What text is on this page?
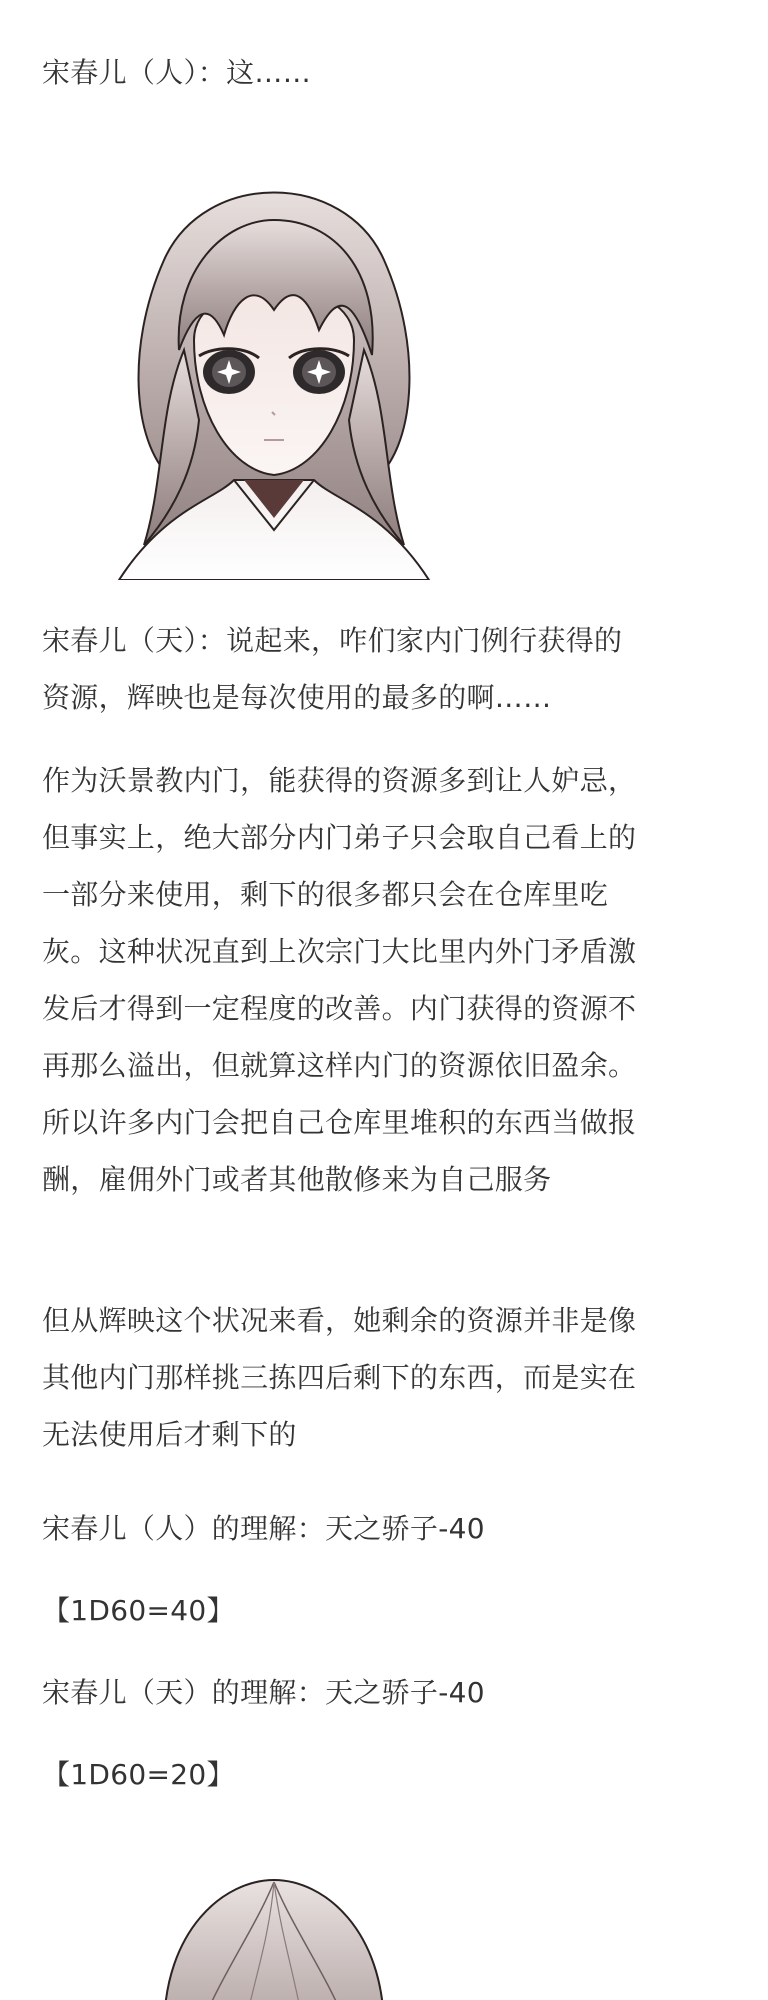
宋春儿（人）：这……

宋春儿（天）：说起来，咋们家内门例行获得的
资源，辉映也是每次使用的最多的啊……
作为沃景教内门，能获得的资源多到让人妒忌，
但事实上，绝大部分内门弟子只会取自己看上的
一部分来使用，剩下的很多都只会在仓库里吃
灰。这种状况直到上次宗门大比里内外门矛盾激
发后才得到一定程度的改善。内门获得的资源不
再那么溢出，但就算这样内门的资源依旧盈余。
所以许多内门会把自己仓库里堆积的东西当做报
酬，雇佣外门或者其他散修来为自己服务
但从辉映这个状况来看，她剩余的资源并非是像
其他内门那样挑三拣四后剩下的东西，而是实在
无法使用后才剩下的

宋春儿（人）的理解：天之骄子-40

【1D60=40】

宋春儿（天）的理解：天之骄子-40

【1D60=20】
